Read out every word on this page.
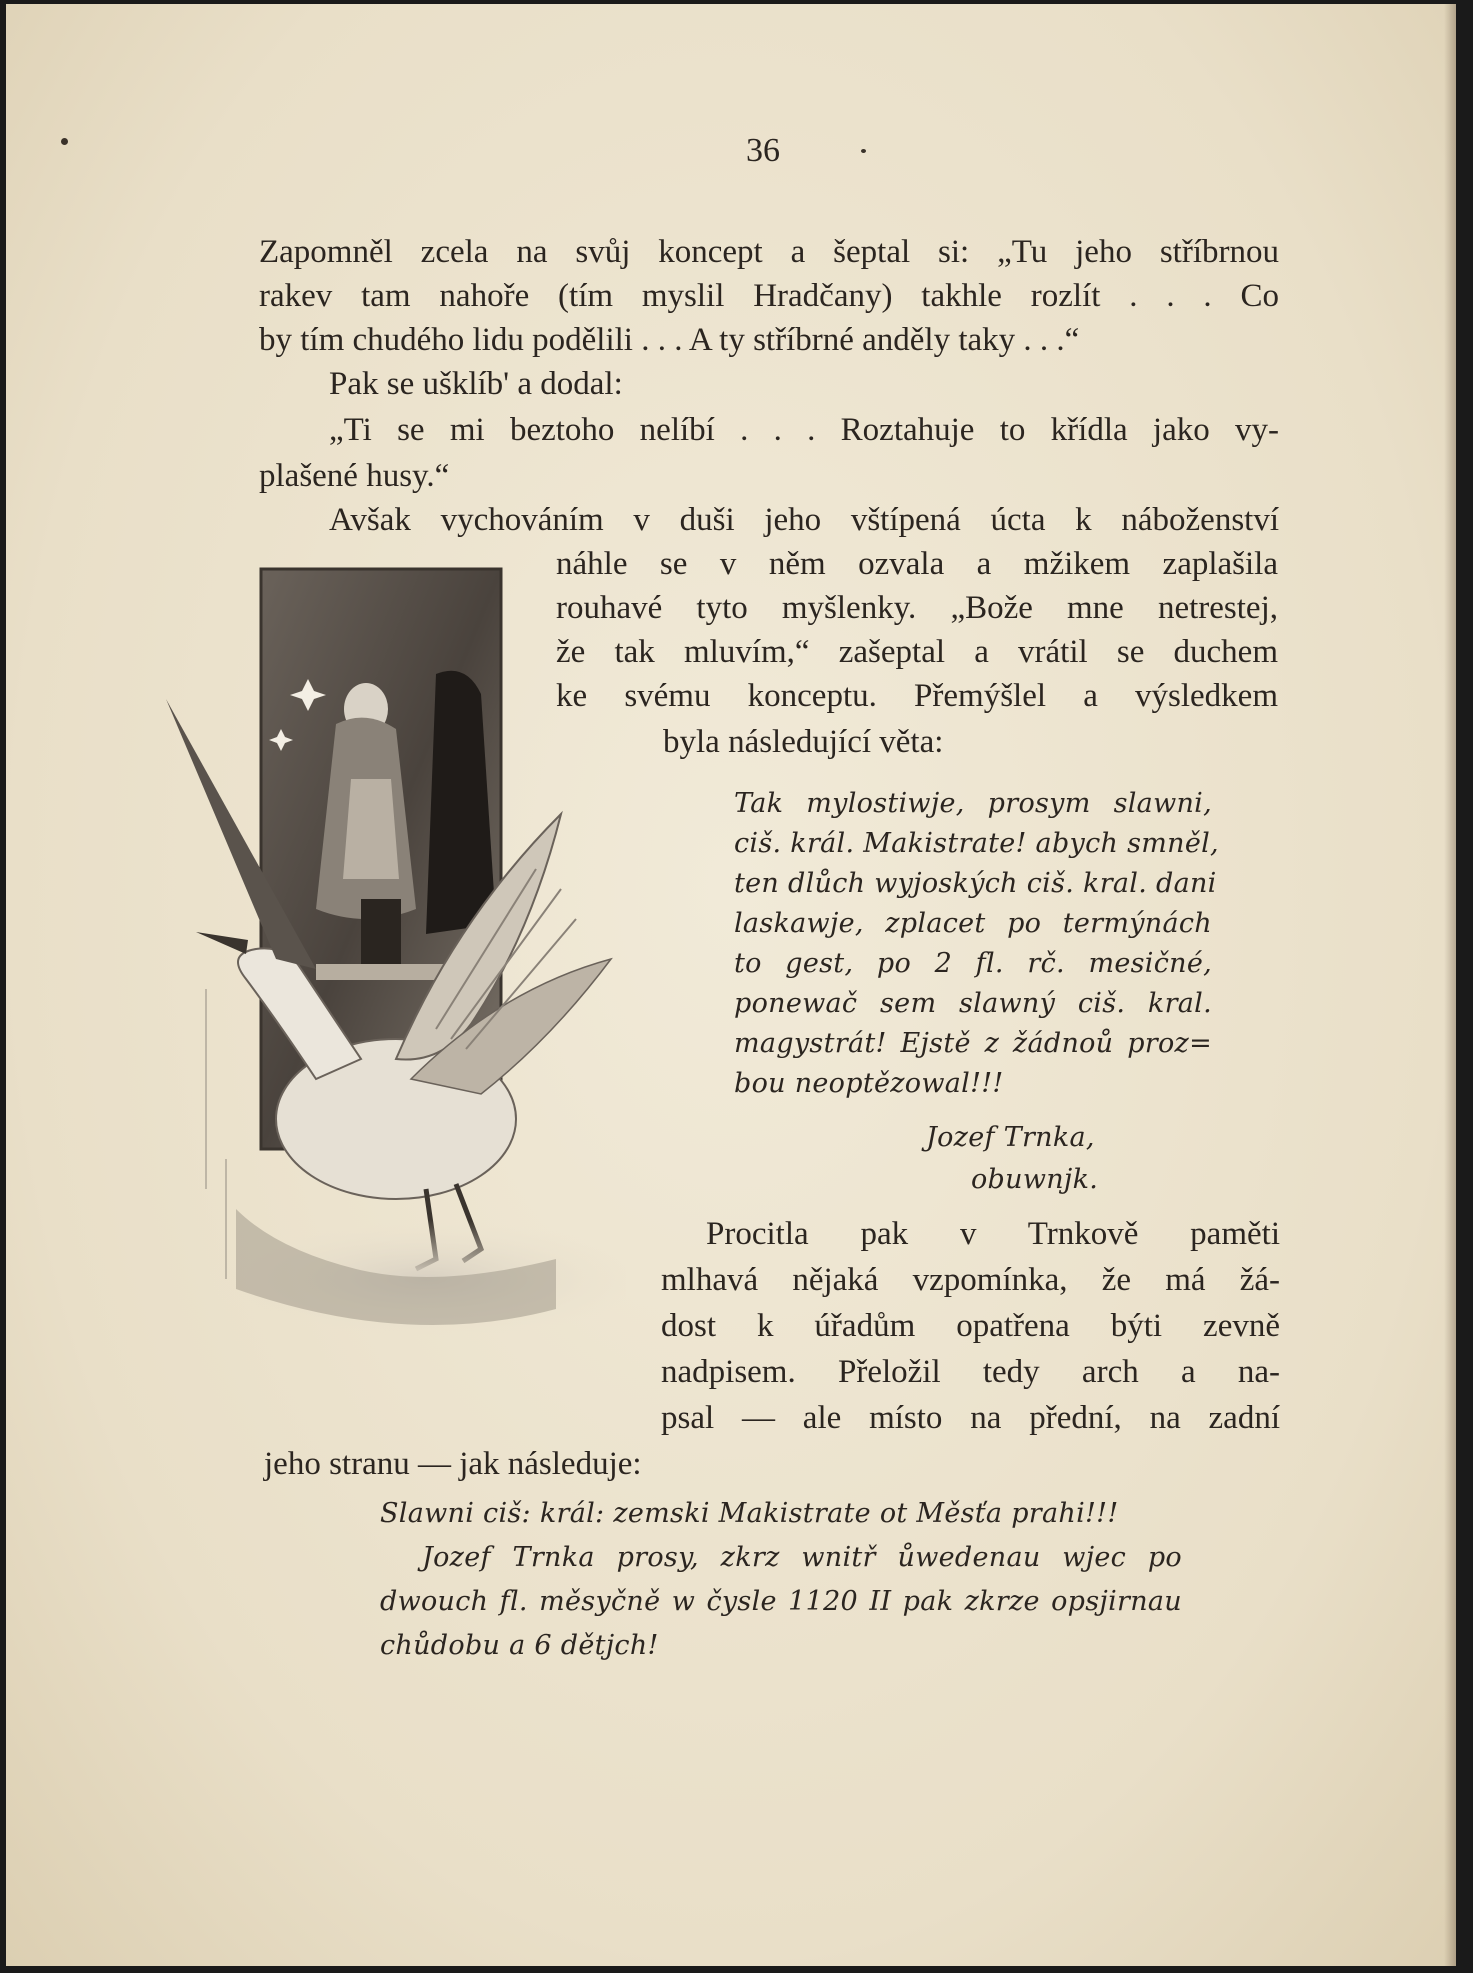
36
Zapomněl zcela na svůj koncept a šeptal si: „Tu jeho stříbrnou
rakev tam nahoře (tím myslil Hradčany) takhle rozlít . . . Co
by tím chudého lidu podělili . . . A ty stříbrné anděly taky . . .“
Pak se ušklíb' a dodal:
„Ti se mi beztoho nelíbí . . . Roztahuje to křídla jako vy-
plašené husy.“
Avšak vychováním v duši jeho vštípená úcta k náboženství
náhle se v něm ozvala a mžikem zaplašila
rouhavé tyto myšlenky. „Bože mne netrestej,
že tak mluvím,“ zašeptal a vrátil se duchem
ke svému konceptu. Přemýšlel a výsledkem
byla následující věta:
Tak mylostiwje, prosym slawni,
ciš. král. Makistrate! abych smněl,
ten dlůch wyjoských ciš. kral. dani
laskawje, zplacet po termýnách
to gest, po 2 fl. rč. mesičné,
ponewač sem slawný ciš. kral.
magystrát! Ejstě z žádnoů proz=
bou neoptězowal!!!
Jozef Trnka,
obuwnjk.
Procitla pak v Trnkově paměti
mlhavá nějaká vzpomínka, že má žá-
dost k úřadům opatřena býti zevně
nadpisem. Přeložil tedy arch a na-
psal — ale místo na přední, na zadní
jeho stranu — jak následuje:
Slawni ciš: král: zemski Makistrate ot Měsťa prahi!!!
Jozef Trnka prosy, zkrz wnitř ůwedenau wjec po
dwouch fl. měsyčně w čysle 1120 II pak zkrze opsjirnau
chůdobu a 6 dětjch!
